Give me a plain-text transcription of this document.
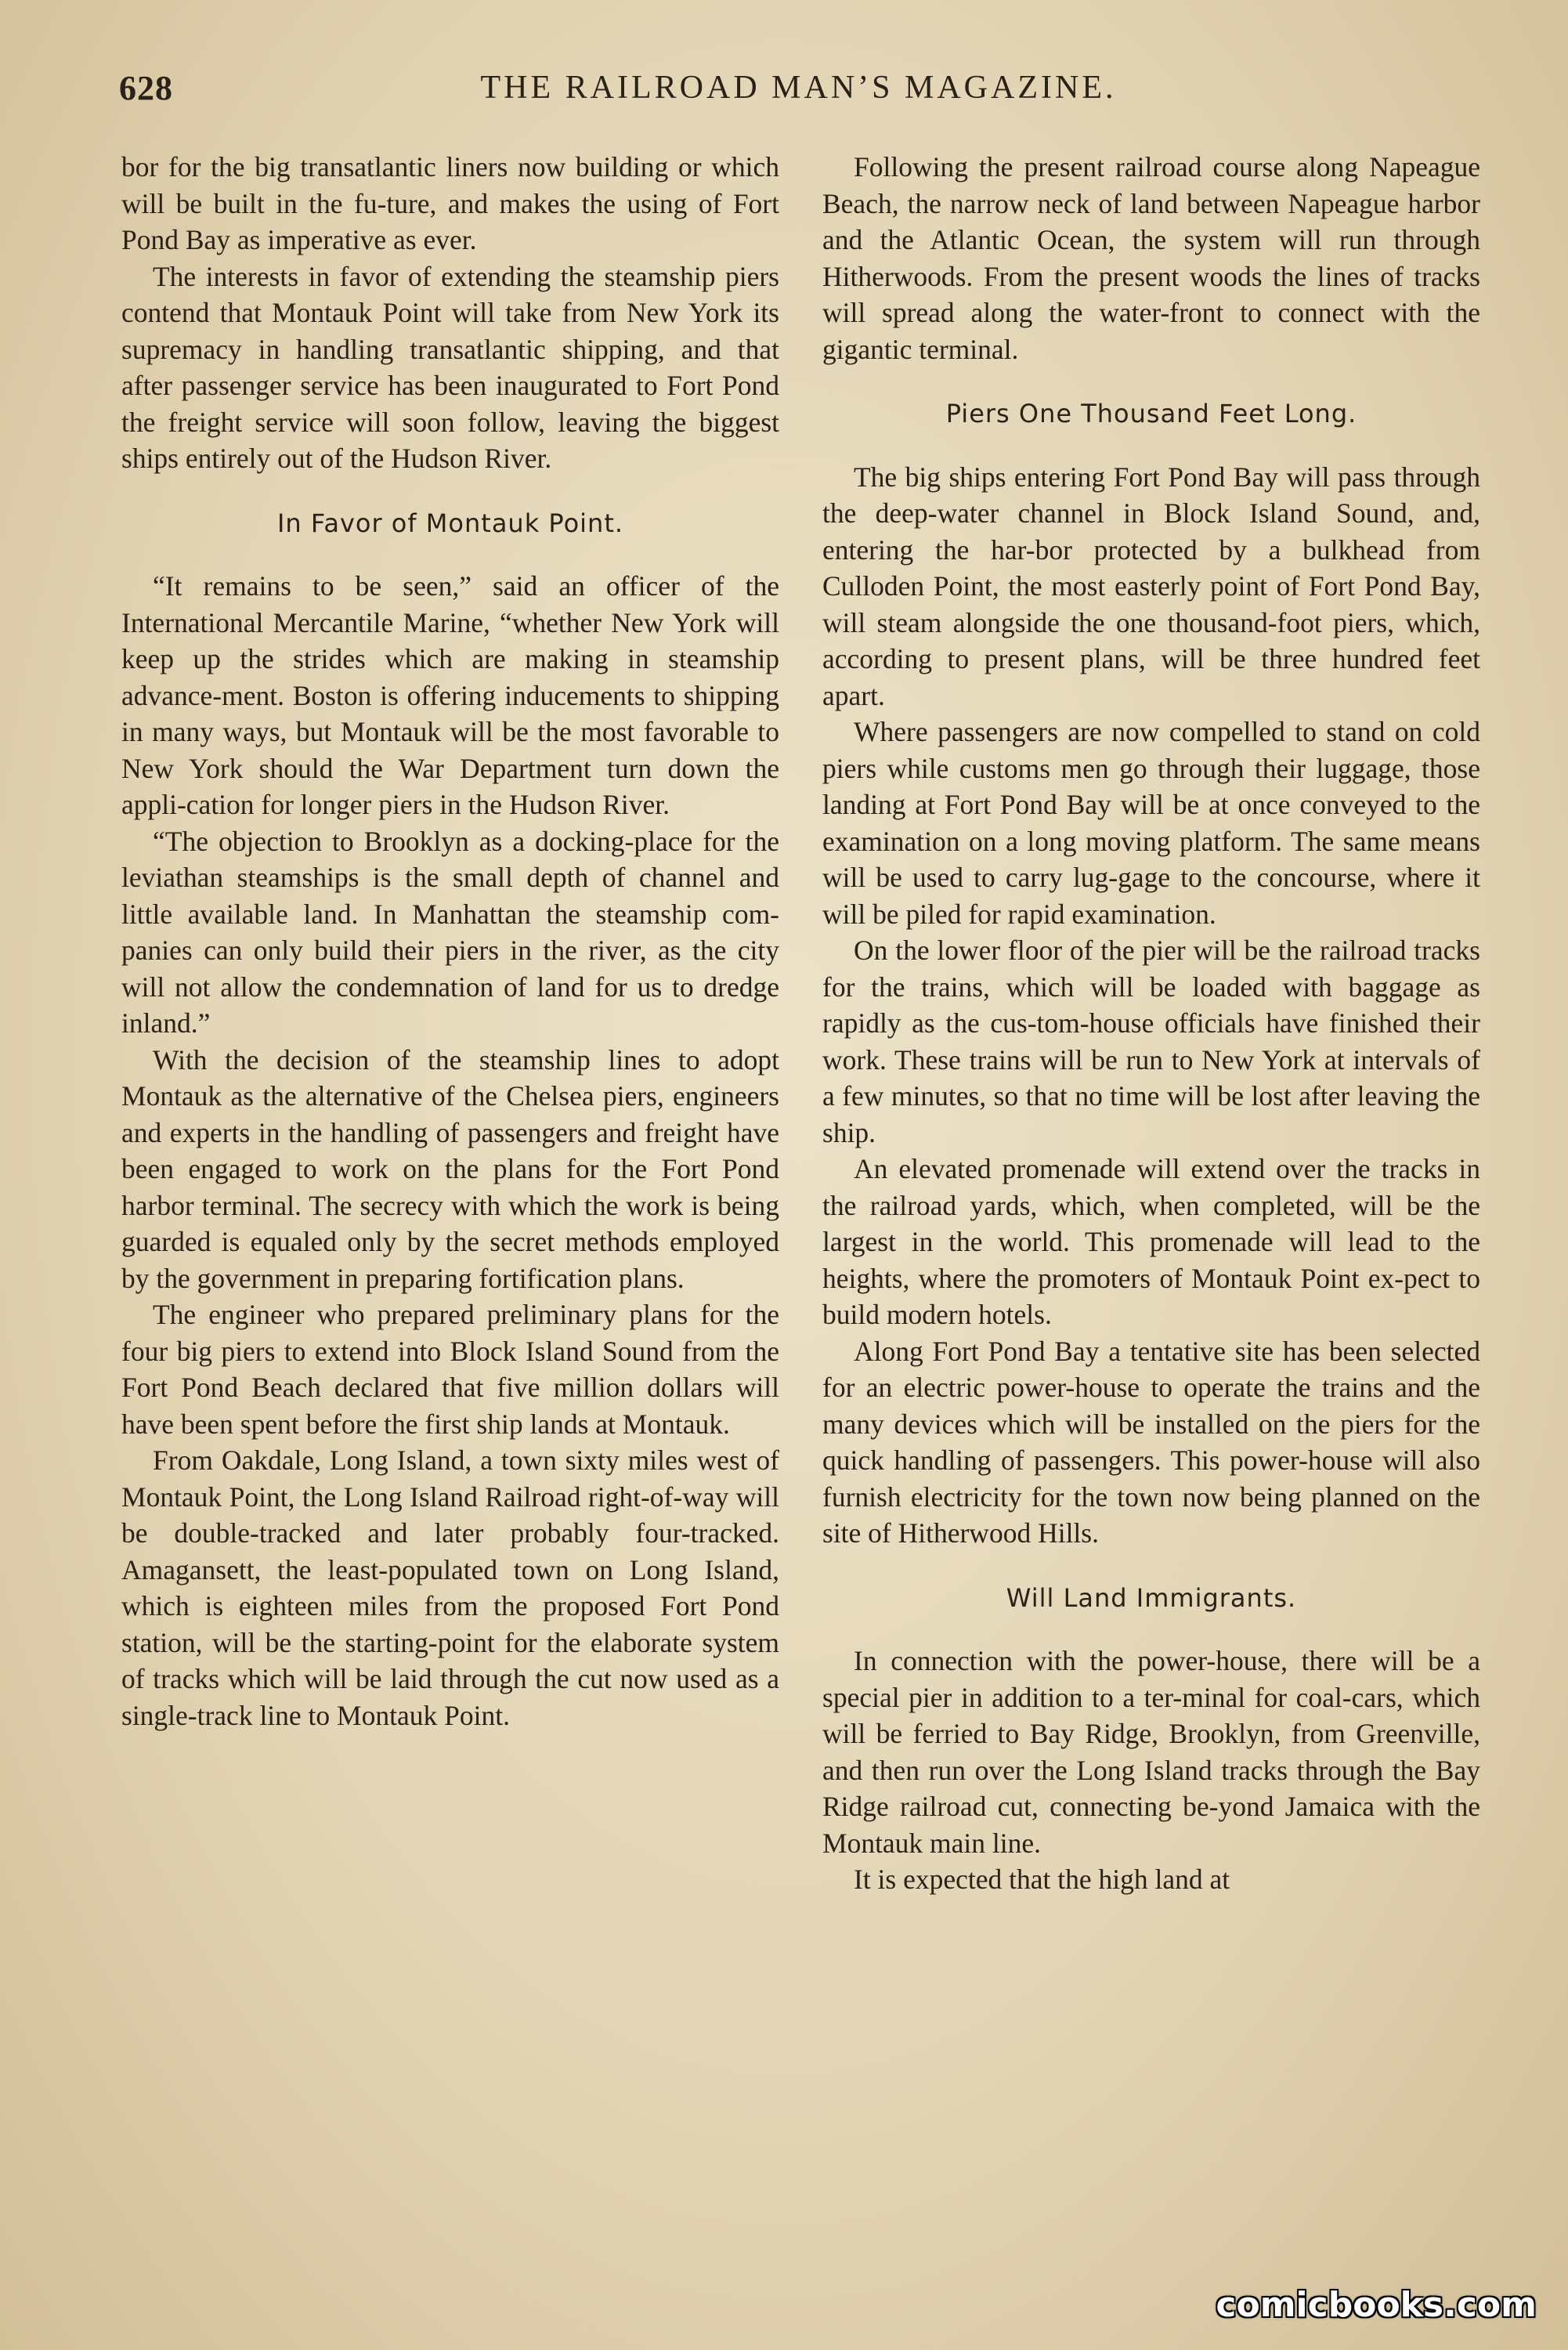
628	THE RAILROAD MAN’S MAGAZINE.

bor for the big transatlantic liners now building or which will be built in the fu-ture, and makes the using of Fort Pond Bay as imperative as ever.

The interests in favor of extending the steamship piers contend that Montauk Point will take from New York its supremacy in handling transatlantic shipping, and that after passenger service has been inaugurated to Fort Pond the freight service will soon follow, leaving the biggest ships entirely out of the Hudson River.

In Favor of Montauk Point.

“It remains to be seen,” said an officer of the International Mercantile Marine, “whether New York will keep up the strides which are making in steamship advance-ment. Boston is offering inducements to shipping in many ways, but Montauk will be the most favorable to New York should the War Department turn down the appli-cation for longer piers in the Hudson River.

“The objection to Brooklyn as a docking-place for the leviathan steamships is the small depth of channel and little available land. In Manhattan the steamship com-panies can only build their piers in the river, as the city will not allow the condemnation of land for us to dredge inland.”

With the decision of the steamship lines to adopt Montauk as the alternative of the Chelsea piers, engineers and experts in the handling of passengers and freight have been engaged to work on the plans for the Fort Pond harbor terminal. The secrecy with which the work is being guarded is equaled only by the secret methods employed by the government in preparing fortification plans.

The engineer who prepared preliminary plans for the four big piers to extend into Block Island Sound from the Fort Pond Beach declared that five million dollars will have been spent before the first ship lands at Montauk.

From Oakdale, Long Island, a town sixty miles west of Montauk Point, the Long Island Railroad right-of-way will be double-tracked and later probably four-tracked. Amagansett, the least-populated town on Long Island, which is eighteen miles from the proposed Fort Pond station, will be the starting-point for the elaborate system of tracks which will be laid through the cut now used as a single-track line to Montauk Point.

Following the present railroad course along Napeague Beach, the narrow neck of land between Napeague harbor and the Atlantic Ocean, the system will run through Hitherwoods. From the present woods the lines of tracks will spread along the water-front to connect with the gigantic terminal.

Piers One Thousand Feet Long.

The big ships entering Fort Pond Bay will pass through the deep-water channel in Block Island Sound, and, entering the har-bor protected by a bulkhead from Culloden Point, the most easterly point of Fort Pond Bay, will steam alongside the one thousand-foot piers, which, according to present plans, will be three hundred feet apart.

Where passengers are now compelled to stand on cold piers while customs men go through their luggage, those landing at Fort Pond Bay will be at once conveyed to the examination on a long moving platform. The same means will be used to carry lug-gage to the concourse, where it will be piled for rapid examination.

On the lower floor of the pier will be the railroad tracks for the trains, which will be loaded with baggage as rapidly as the cus-tom-house officials have finished their work. These trains will be run to New York at intervals of a few minutes, so that no time will be lost after leaving the ship.

An elevated promenade will extend over the tracks in the railroad yards, which, when completed, will be the largest in the world. This promenade will lead to the heights, where the promoters of Montauk Point ex-pect to build modern hotels.

Along Fort Pond Bay a tentative site has been selected for an electric power-house to operate the trains and the many devices which will be installed on the piers for the quick handling of passengers. This power-house will also furnish electricity for the town now being planned on the site of Hitherwood Hills.

Will Land Immigrants.

In connection with the power-house, there will be a special pier in addition to a ter-minal for coal-cars, which will be ferried to Bay Ridge, Brooklyn, from Greenville, and then run over the Long Island tracks through the Bay Ridge railroad cut, connecting be-yond Jamaica with the Montauk main line.

It is expected that the high land at

comicbooks.com
